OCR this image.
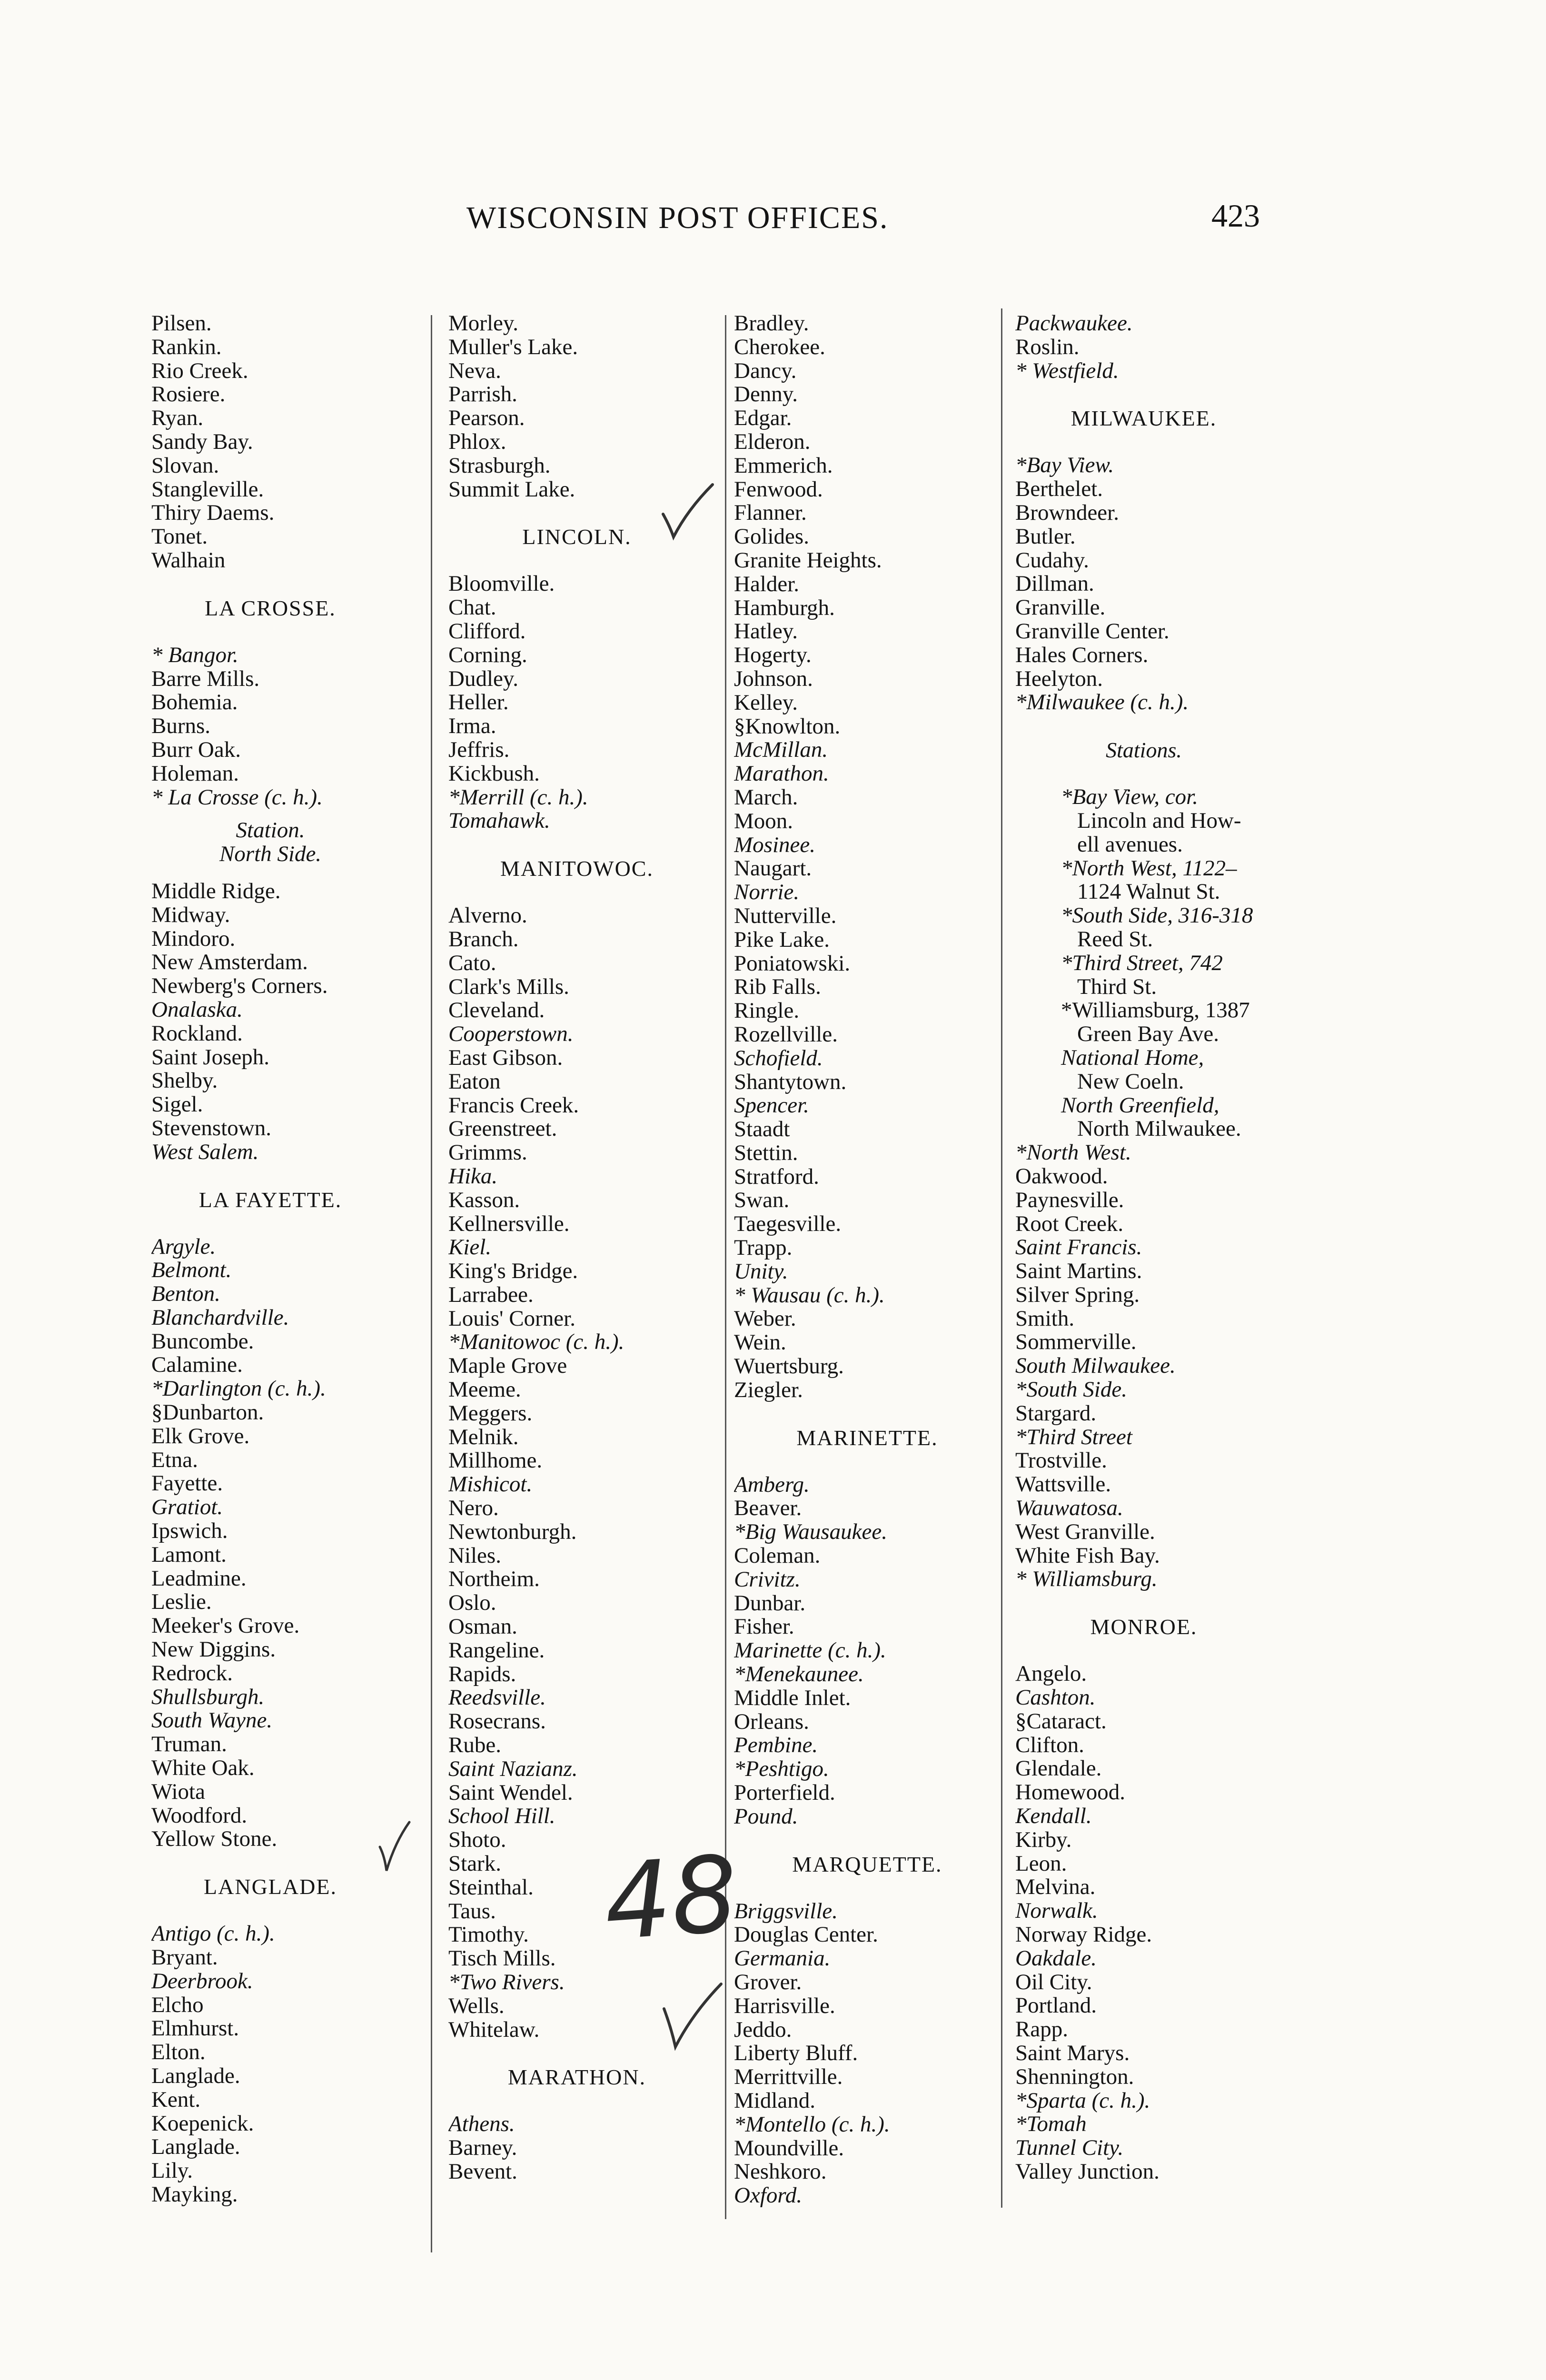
WISCONSIN POST OFFICES.	423
Pilsen.
Rankin.
Rio Creek.
Rosiere.
Ryan.
Sandy Bay.
Slovan.
Stangleville.
Thiry Daems.
Tonet.
Walhain
LA CROSSE.
* Bangor.
Barre Mills.
Bohemia.
Burns.
Burr Oak.
Holeman.
* La Crosse (c. h.).
Station.
North Side.
Middle Ridge.
Midway.
Mindoro.
New Amsterdam.
Newberg's Corners.
Onalaska.
Rockland.
Saint Joseph.
Shelby.
Sigel.
Stevenstown.
West Salem.
LA FAYETTE.
Argyle.
Belmont.
Benton.
Blanchardville.
Buncombe.
Calamine.
*Darlington (c. h.).
§Dunbarton.
Elk Grove.
Etna.
Fayette.
Gratiot.
Ipswich.
Lamont.
Leadmine.
Leslie.
Meeker's Grove.
New Diggins.
Redrock.
Shullsburgh.
South Wayne.
Truman.
White Oak.
Wiota
Woodford.
Yellow Stone.
LANGLADE.
Antigo (c. h.).
Bryant.
Deerbrook.
Elcho
Elmhurst.
Elton.
Langlade.
Kent.
Koepenick.
Langlade.
Lily.
Mayking.
Morley.
Muller's Lake.
Neva.
Parrish.
Pearson.
Phlox.
Strasburgh.
Summit Lake.
LINCOLN.
Bloomville.
Chat.
Clifford.
Corning.
Dudley.
Heller.
Irma.
Jeffris.
Kickbush.
*Merrill (c. h.).
Tomahawk.
MANITOWOC.
Alverno.
Branch.
Cato.
Clark's Mills.
Cleveland.
Cooperstown.
East Gibson.
Eaton
Francis Creek.
Greenstreet.
Grimms.
Hika.
Kasson.
Kellnersville.
Kiel.
King's Bridge.
Larrabee.
Louis' Corner.
*Manitowoc (c. h.).
Maple Grove
Meeme.
Meggers.
Melnik.
Millhome.
Mishicot.
Nero.
Newtonburgh.
Niles.
Northeim.
Oslo.
Osman.
Rangeline.
Rapids.
Reedsville.
Rosecrans.
Rube.
Saint Nazianz.
Saint Wendel.
School Hill.
Shoto.
Stark.
Steinthal.
Taus.
Timothy.
Tisch Mills.
*Two Rivers.
Wells.
Whitelaw.
MARATHON.
Athens.
Barney.
Bevent.
Bradley.
Cherokee.
Dancy.
Denny.
Edgar.
Elderon.
Emmerich.
Fenwood.
Flanner.
Golides.
Granite Heights.
Halder.
Hamburgh.
Hatley.
Hogerty.
Johnson.
Kelley.
§Knowlton.
McMillan.
Marathon.
March.
Moon.
Mosinee.
Naugart.
Norrie.
Nutterville.
Pike Lake.
Poniatowski.
Rib Falls.
Ringle.
Rozellville.
Schofield.
Shantytown.
Spencer.
Staadt
Stettin.
Stratford.
Swan.
Taegesville.
Trapp.
Unity.
* Wausau (c. h.).
Weber.
Wein.
Wuertsburg.
Ziegler.
MARINETTE.
Amberg.
Beaver.
*Big Wausaukee.
Coleman.
Crivitz.
Dunbar.
Fisher.
Marinette (c. h.).
*Menekaunee.
Middle Inlet.
Orleans.
Pembine.
*Peshtigo.
Porterfield.
Pound.
MARQUETTE.
Briggsville.
Douglas Center.
Germania.
Grover.
Harrisville.
Jeddo.
Liberty Bluff.
Merrittville.
Midland.
*Montello (c. h.).
Moundville.
Neshkoro.
Oxford.
Packwaukee.
Roslin.
* Westfield.
MILWAUKEE.
*Bay View.
Berthelet.
Browndeer.
Butler.
Cudahy.
Dillman.
Granville.
Granville Center.
Hales Corners.
Heelyton.
*Milwaukee (c. h.).
Stations.
*Bay View, cor.
Lincoln and How-
ell avenues.
*North West, 1122–
1124 Walnut St.
*South Side, 316-318
Reed St.
*Third Street, 742
Third St.
*Williamsburg, 1387
Green Bay Ave.
National Home,
New Coeln.
North Greenfield,
North Milwaukee.
*North West.
Oakwood.
Paynesville.
Root Creek.
Saint Francis.
Saint Martins.
Silver Spring.
Smith.
Sommerville.
South Milwaukee.
*South Side.
Stargard.
*Third Street
Trostville.
Wattsville.
Wauwatosa.
West Granville.
White Fish Bay.
* Williamsburg.
MONROE.
Angelo.
Cashton.
§Cataract.
Clifton.
Glendale.
Homewood.
Kendall.
Kirby.
Leon.
Melvina.
Norwalk.
Norway Ridge.
Oakdale.
Oil City.
Portland.
Rapp.
Saint Marys.
Shennington.
*Sparta (c. h.).
*Tomah
Tunnel City.
Valley Junction.
48
